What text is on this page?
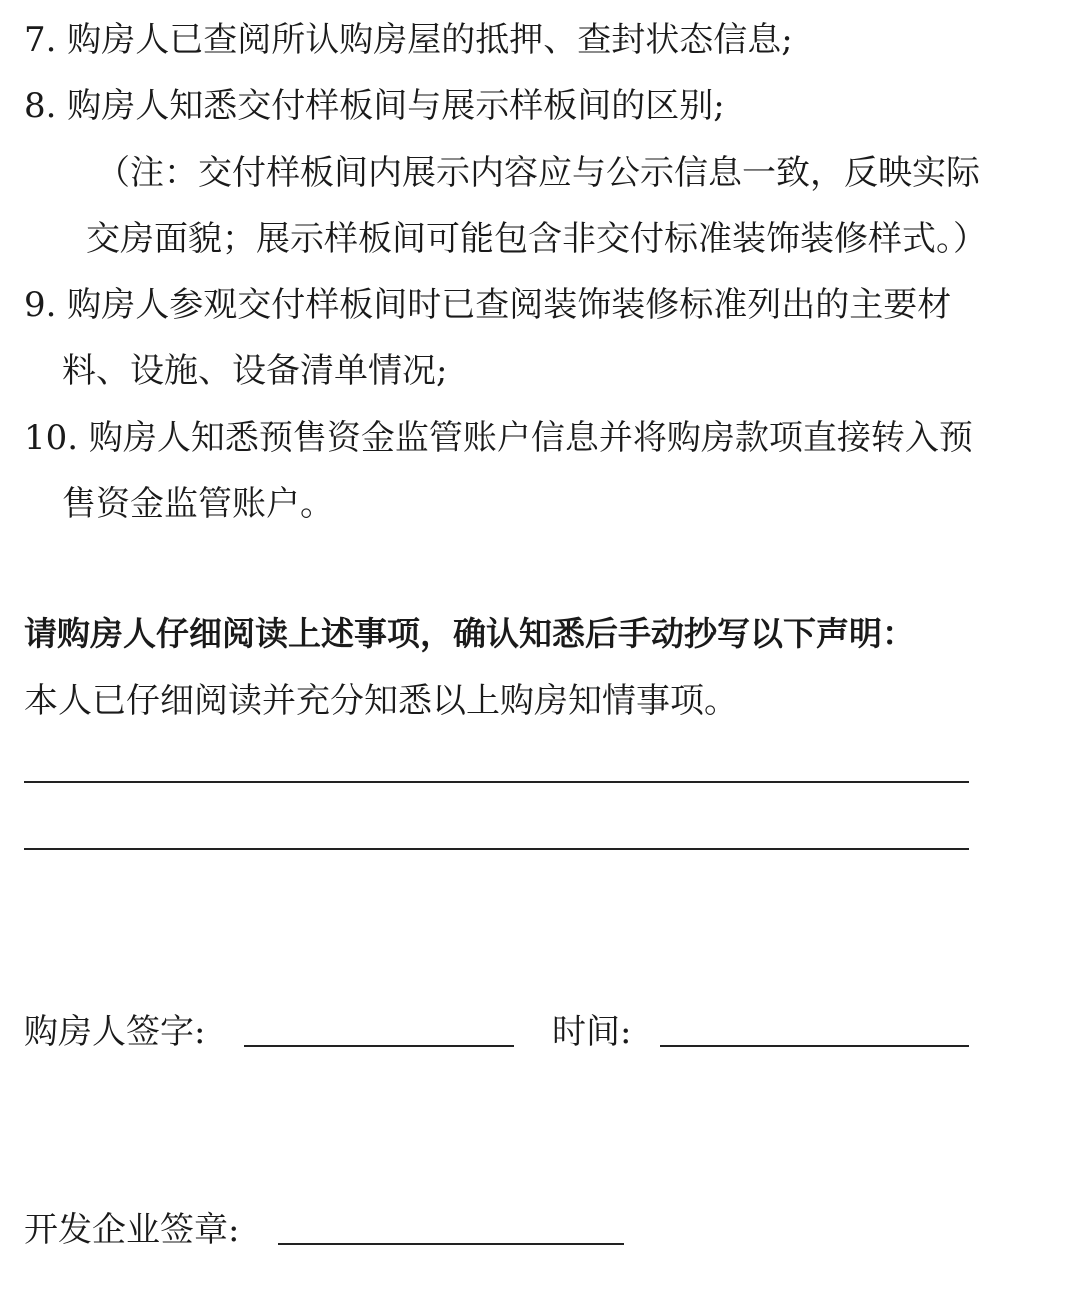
7. 购房人已查阅所认购房屋的抵押、查封状态信息;
8. 购房人知悉交付样板间与展示样板间的区别;
（注：交付样板间内展示内容应与公示信息一致，反映实际
交房面貌；展示样板间可能包含非交付标准装饰装修样式。）
9. 购房人参观交付样板间时已查阅装饰装修标准列出的主要材
料、设施、设备清单情况;
10. 购房人知悉预售资金监管账户信息并将购房款项直接转入预
售资金监管账户。
请购房人仔细阅读上述事项，确认知悉后手动抄写以下声明：
本人已仔细阅读并充分知悉以上购房知情事项。
购房人签字:	时间:
开发企业签章:
